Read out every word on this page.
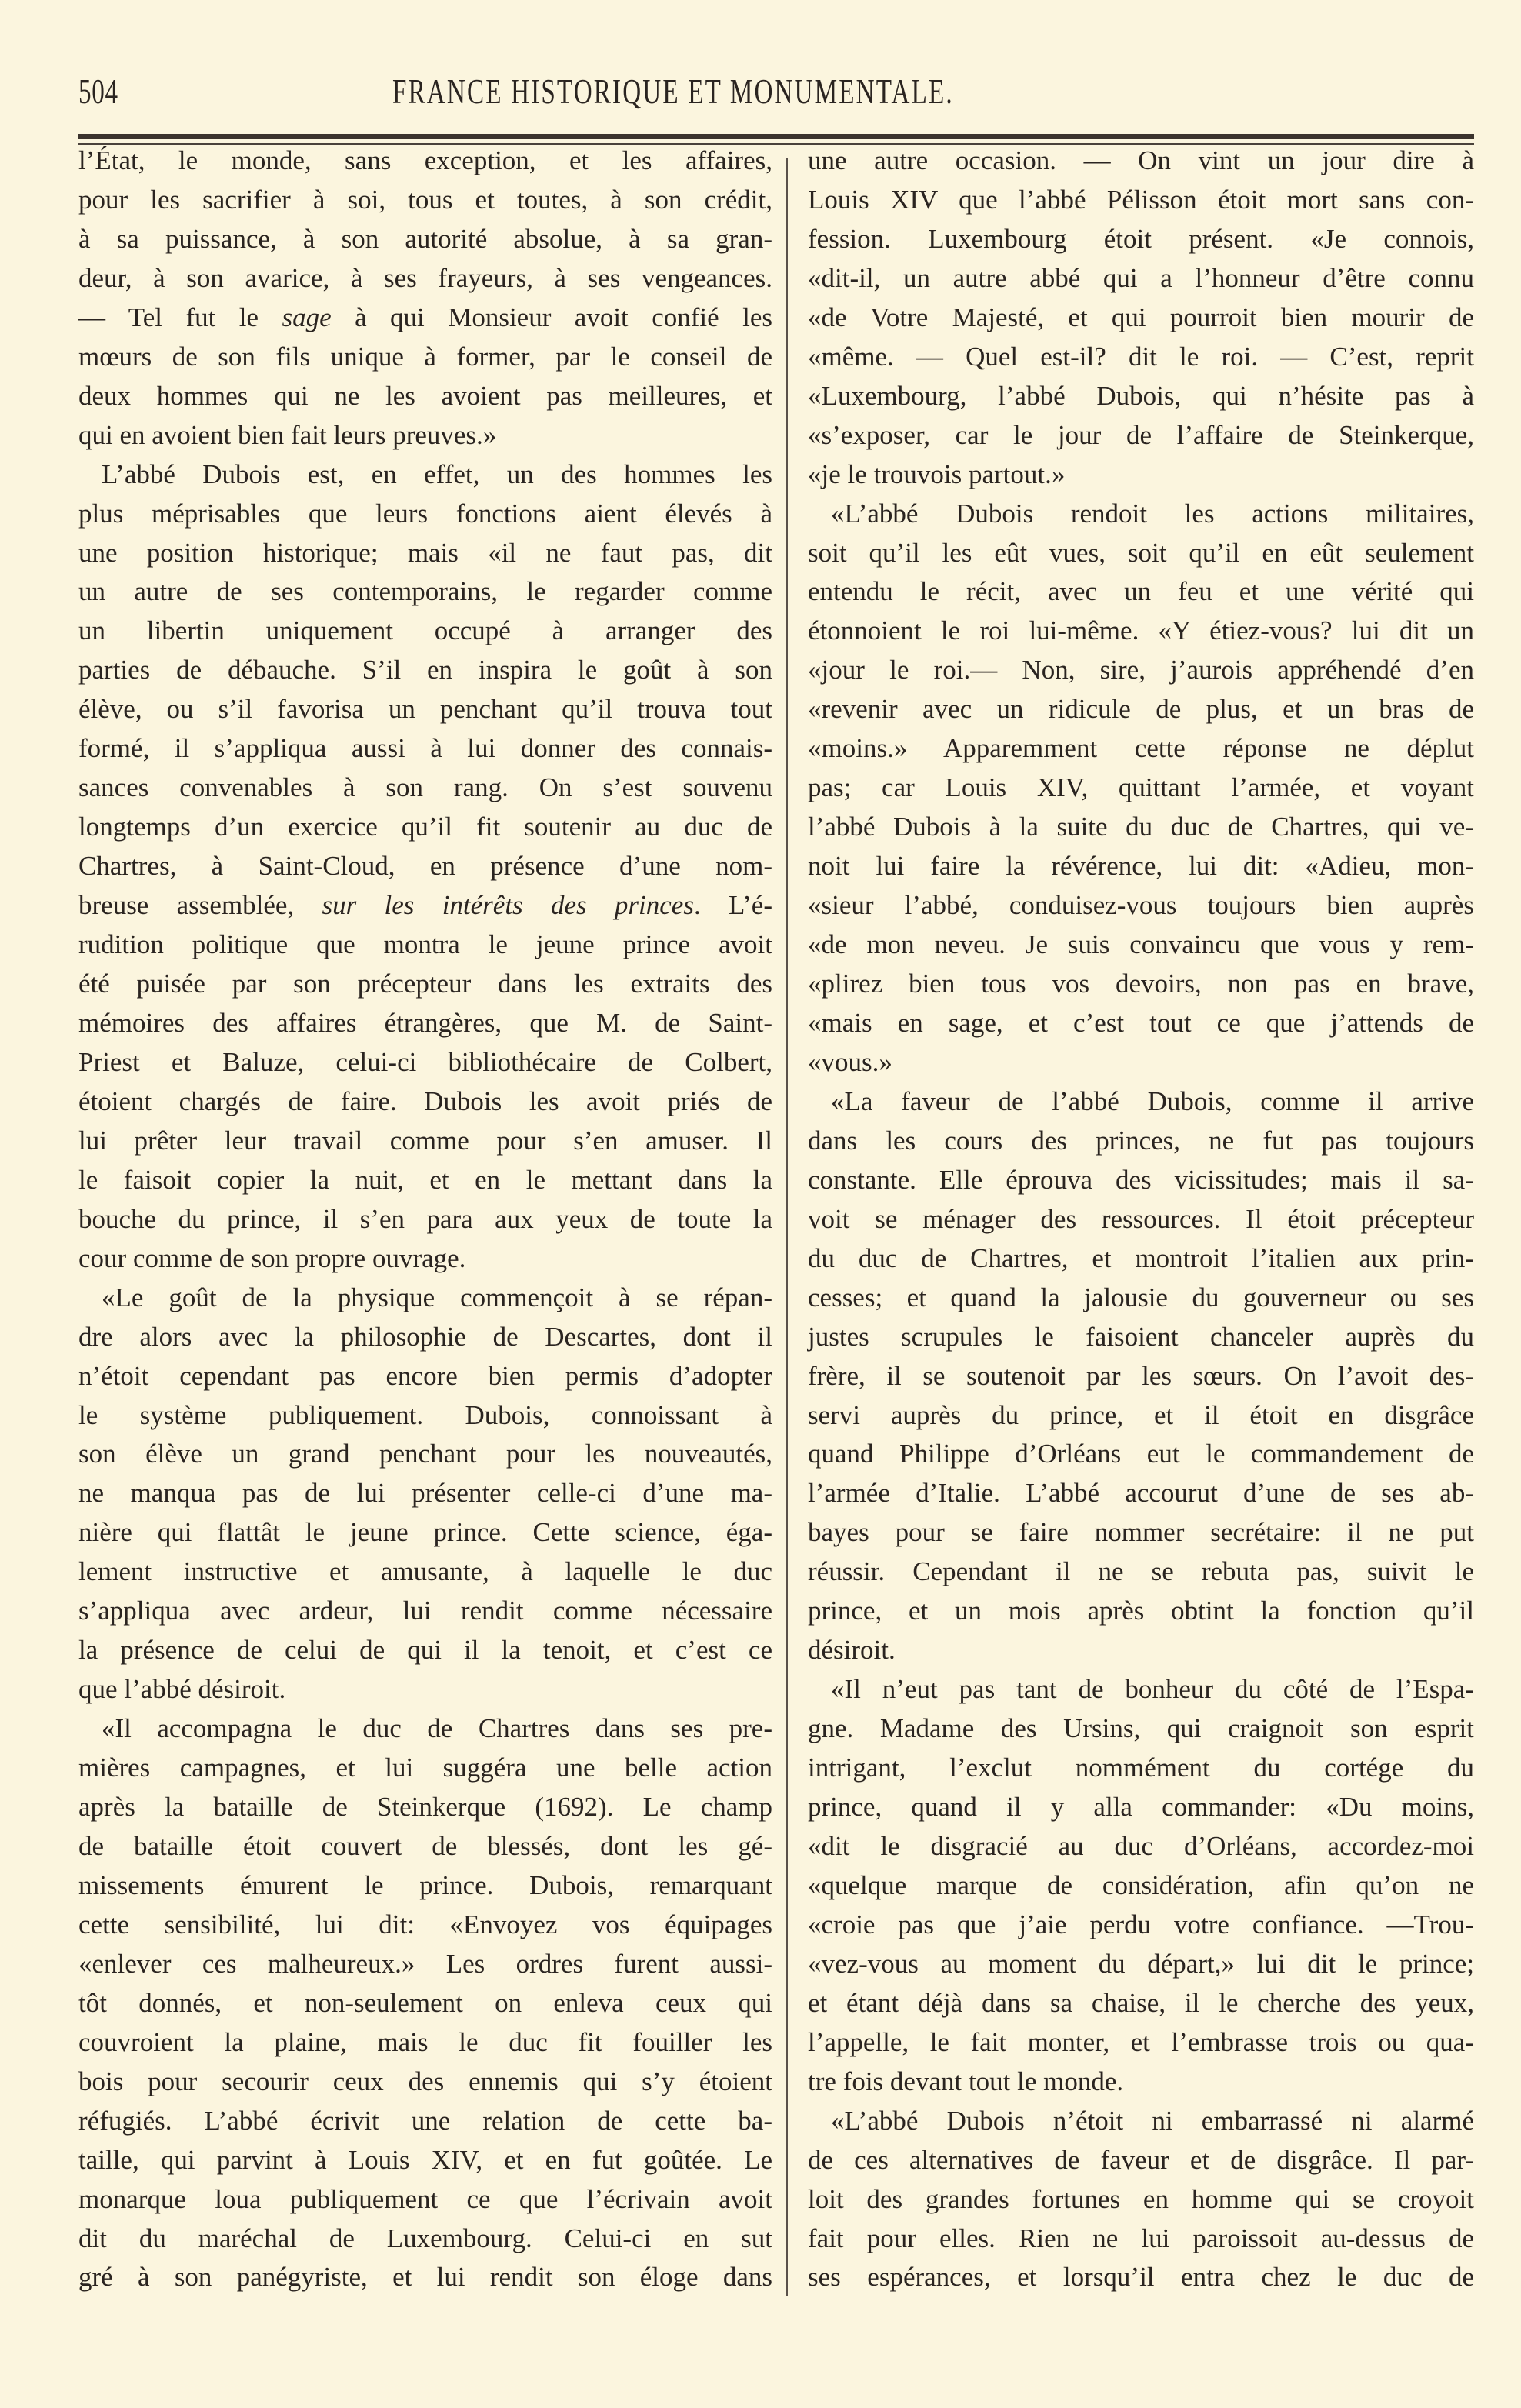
504	FRANCE HISTORIQUE ET MONUMENTALE.
l’État, le monde, sans exception, et les affaires,
pour les sacrifier à soi, tous et toutes, à son crédit,
à sa puissance, à son autorité absolue, à sa gran-
deur, à son avarice, à ses frayeurs, à ses vengeances.
— Tel fut le sage à qui Monsieur avoit confié les
mœurs de son fils unique à former, par le conseil de
deux hommes qui ne les avoient pas meilleures, et
qui en avoient bien fait leurs preuves.»
L’abbé Dubois est, en effet, un des hommes les
plus méprisables que leurs fonctions aient élevés à
une position historique; mais «il ne faut pas, dit
un autre de ses contemporains, le regarder comme
un libertin uniquement occupé à arranger des
parties de débauche. S’il en inspira le goût à son
élève, ou s’il favorisa un penchant qu’il trouva tout
formé, il s’appliqua aussi à lui donner des connais-
sances convenables à son rang. On s’est souvenu
longtemps d’un exercice qu’il fit soutenir au duc de
Chartres, à Saint-Cloud, en présence d’une nom-
breuse assemblée, sur les intérêts des princes. L’é-
rudition politique que montra le jeune prince avoit
été puisée par son précepteur dans les extraits des
mémoires des affaires étrangères, que M. de Saint-
Priest et Baluze, celui-ci bibliothécaire de Colbert,
étoient chargés de faire. Dubois les avoit priés de
lui prêter leur travail comme pour s’en amuser. Il
le faisoit copier la nuit, et en le mettant dans la
bouche du prince, il s’en para aux yeux de toute la
cour comme de son propre ouvrage.
«Le goût de la physique commençoit à se répan-
dre alors avec la philosophie de Descartes, dont il
n’étoit cependant pas encore bien permis d’adopter
le système publiquement. Dubois, connoissant à
son élève un grand penchant pour les nouveautés,
ne manqua pas de lui présenter celle-ci d’une ma-
nière qui flattât le jeune prince. Cette science, éga-
lement instructive et amusante, à laquelle le duc
s’appliqua avec ardeur, lui rendit comme nécessaire
la présence de celui de qui il la tenoit, et c’est ce
que l’abbé désiroit.
«Il accompagna le duc de Chartres dans ses pre-
mières campagnes, et lui suggéra une belle action
après la bataille de Steinkerque (1692). Le champ
de bataille étoit couvert de blessés, dont les gé-
missements émurent le prince. Dubois, remarquant
cette sensibilité, lui dit: «Envoyez vos équipages
«enlever ces malheureux.» Les ordres furent aussi-
tôt donnés, et non-seulement on enleva ceux qui
couvroient la plaine, mais le duc fit fouiller les
bois pour secourir ceux des ennemis qui s’y étoient
réfugiés. L’abbé écrivit une relation de cette ba-
taille, qui parvint à Louis XIV, et en fut goûtée. Le
monarque loua publiquement ce que l’écrivain avoit
dit du maréchal de Luxembourg. Celui-ci en sut
gré à son panégyriste, et lui rendit son éloge dans
une autre occasion. — On vint un jour dire à
Louis XIV que l’abbé Pélisson étoit mort sans con-
fession. Luxembourg étoit présent. «Je connois,
«dit-il, un autre abbé qui a l’honneur d’être connu
«de Votre Majesté, et qui pourroit bien mourir de
«même. — Quel est-il? dit le roi. — C’est, reprit
«Luxembourg, l’abbé Dubois, qui n’hésite pas à
«s’exposer, car le jour de l’affaire de Steinkerque,
«je le trouvois partout.»
«L’abbé Dubois rendoit les actions militaires,
soit qu’il les eût vues, soit qu’il en eût seulement
entendu le récit, avec un feu et une vérité qui
étonnoient le roi lui-même. «Y étiez-vous? lui dit un
«jour le roi.— Non, sire, j’aurois appréhendé d’en
«revenir avec un ridicule de plus, et un bras de
«moins.» Apparemment cette réponse ne déplut
pas; car Louis XIV, quittant l’armée, et voyant
l’abbé Dubois à la suite du duc de Chartres, qui ve-
noit lui faire la révérence, lui dit: «Adieu, mon-
«sieur l’abbé, conduisez-vous toujours bien auprès
«de mon neveu. Je suis convaincu que vous y rem-
«plirez bien tous vos devoirs, non pas en brave,
«mais en sage, et c’est tout ce que j’attends de
«vous.»
«La faveur de l’abbé Dubois, comme il arrive
dans les cours des princes, ne fut pas toujours
constante. Elle éprouva des vicissitudes; mais il sa-
voit se ménager des ressources. Il étoit précepteur
du duc de Chartres, et montroit l’italien aux prin-
cesses; et quand la jalousie du gouverneur ou ses
justes scrupules le faisoient chanceler auprès du
frère, il se soutenoit par les sœurs. On l’avoit des-
servi auprès du prince, et il étoit en disgrâce
quand Philippe d’Orléans eut le commandement de
l’armée d’Italie. L’abbé accourut d’une de ses ab-
bayes pour se faire nommer secrétaire: il ne put
réussir. Cependant il ne se rebuta pas, suivit le
prince, et un mois après obtint la fonction qu’il
désiroit.
«Il n’eut pas tant de bonheur du côté de l’Espa-
gne. Madame des Ursins, qui craignoit son esprit
intrigant, l’exclut nommément du cortége du
prince, quand il y alla commander: «Du moins,
«dit le disgracié au duc d’Orléans, accordez-moi
«quelque marque de considération, afin qu’on ne
«croie pas que j’aie perdu votre confiance. —Trou-
«vez-vous au moment du départ,» lui dit le prince;
et étant déjà dans sa chaise, il le cherche des yeux,
l’appelle, le fait monter, et l’embrasse trois ou qua-
tre fois devant tout le monde.
«L’abbé Dubois n’étoit ni embarrassé ni alarmé
de ces alternatives de faveur et de disgrâce. Il par-
loit des grandes fortunes en homme qui se croyoit
fait pour elles. Rien ne lui paroissoit au-dessus de
ses espérances, et lorsqu’il entra chez le duc de
